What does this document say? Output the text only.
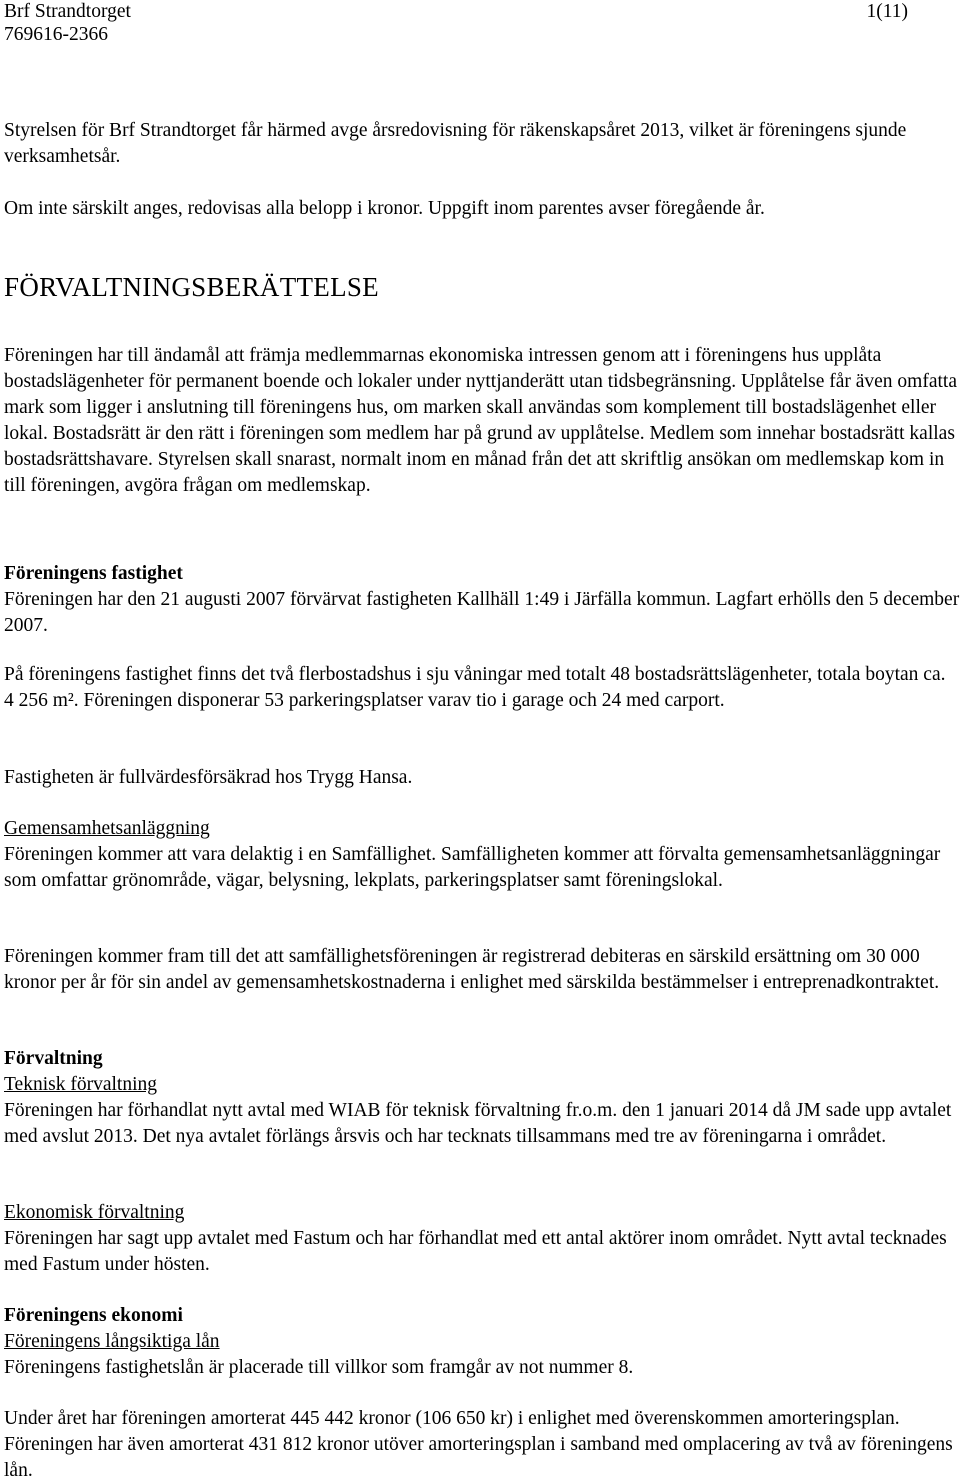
Brf Strandtorget	1(11)
769616-2366

Styrelsen för Brf Strandtorget får härmed avge årsredovisning för räkenskapsåret 2013, vilket är föreningens sjunde verksamhetsår.

Om inte särskilt anges, redovisas alla belopp i kronor. Uppgift inom parentes avser föregående år.

FÖRVALTNINGSBERÄTTELSE

Föreningen har till ändamål att främja medlemmarnas ekonomiska intressen genom att i föreningens hus upplåta bostadslägenheter för permanent boende och lokaler under nyttjanderätt utan tidsbegränsning. Upplåtelse får även omfatta mark som ligger i anslutning till föreningens hus, om marken skall användas som komplement till bostadslägenhet eller lokal. Bostadsrätt är den rätt i föreningen som medlem har på grund av upplåtelse. Medlem som innehar bostadsrätt kallas bostadsrättshavare. Styrelsen skall snarast, normalt inom en månad från det att skriftlig ansökan om medlemskap kom in till föreningen, avgöra frågan om medlemskap.

Föreningens fastighet

Föreningen har den 21 augusti 2007 förvärvat fastigheten Kallhäll 1:49 i Järfälla kommun. Lagfart erhölls den 5 december 2007.

På föreningens fastighet finns det två flerbostadshus i sju våningar med totalt 48 bostadsrättslägenheter, totala boytan ca. 4 256 m². Föreningen disponerar 53 parkeringsplatser varav tio i garage och 24 med carport.

Fastigheten är fullvärdesförsäkrad hos Trygg Hansa.

Gemensamhetsanläggning

Föreningen kommer att vara delaktig i en Samfällighet. Samfälligheten kommer att förvalta gemensamhetsanläggningar som omfattar grönområde, vägar, belysning, lekplats, parkeringsplatser samt föreningslokal.

Föreningen kommer fram till det att samfällighetsföreningen är registrerad debiteras en särskild ersättning om 30 000 kronor per år för sin andel av gemensamhetskostnaderna i enlighet med särskilda bestämmelser i entreprenadkontraktet.

Förvaltning
Teknisk förvaltning

Föreningen har förhandlat nytt avtal med WIAB för teknisk förvaltning fr.o.m. den 1 januari 2014 då JM sade upp avtalet med avslut 2013. Det nya avtalet förlängs årsvis och har tecknats tillsammans med tre av föreningarna i området.

Ekonomisk förvaltning

Föreningen har sagt upp avtalet med Fastum och har förhandlat med ett antal aktörer inom området. Nytt avtal tecknades med Fastum under hösten.

Föreningens ekonomi
Föreningens långsiktiga lån

Föreningens fastighetslån är placerade till villkor som framgår av not nummer 8.

Under året har föreningen amorterat 445 442 kronor (106 650 kr) i enlighet med överenskommen amorteringsplan. Föreningen har även amorterat 431 812 kronor utöver amorteringsplan i samband med omplacering av två av föreningens lån.
